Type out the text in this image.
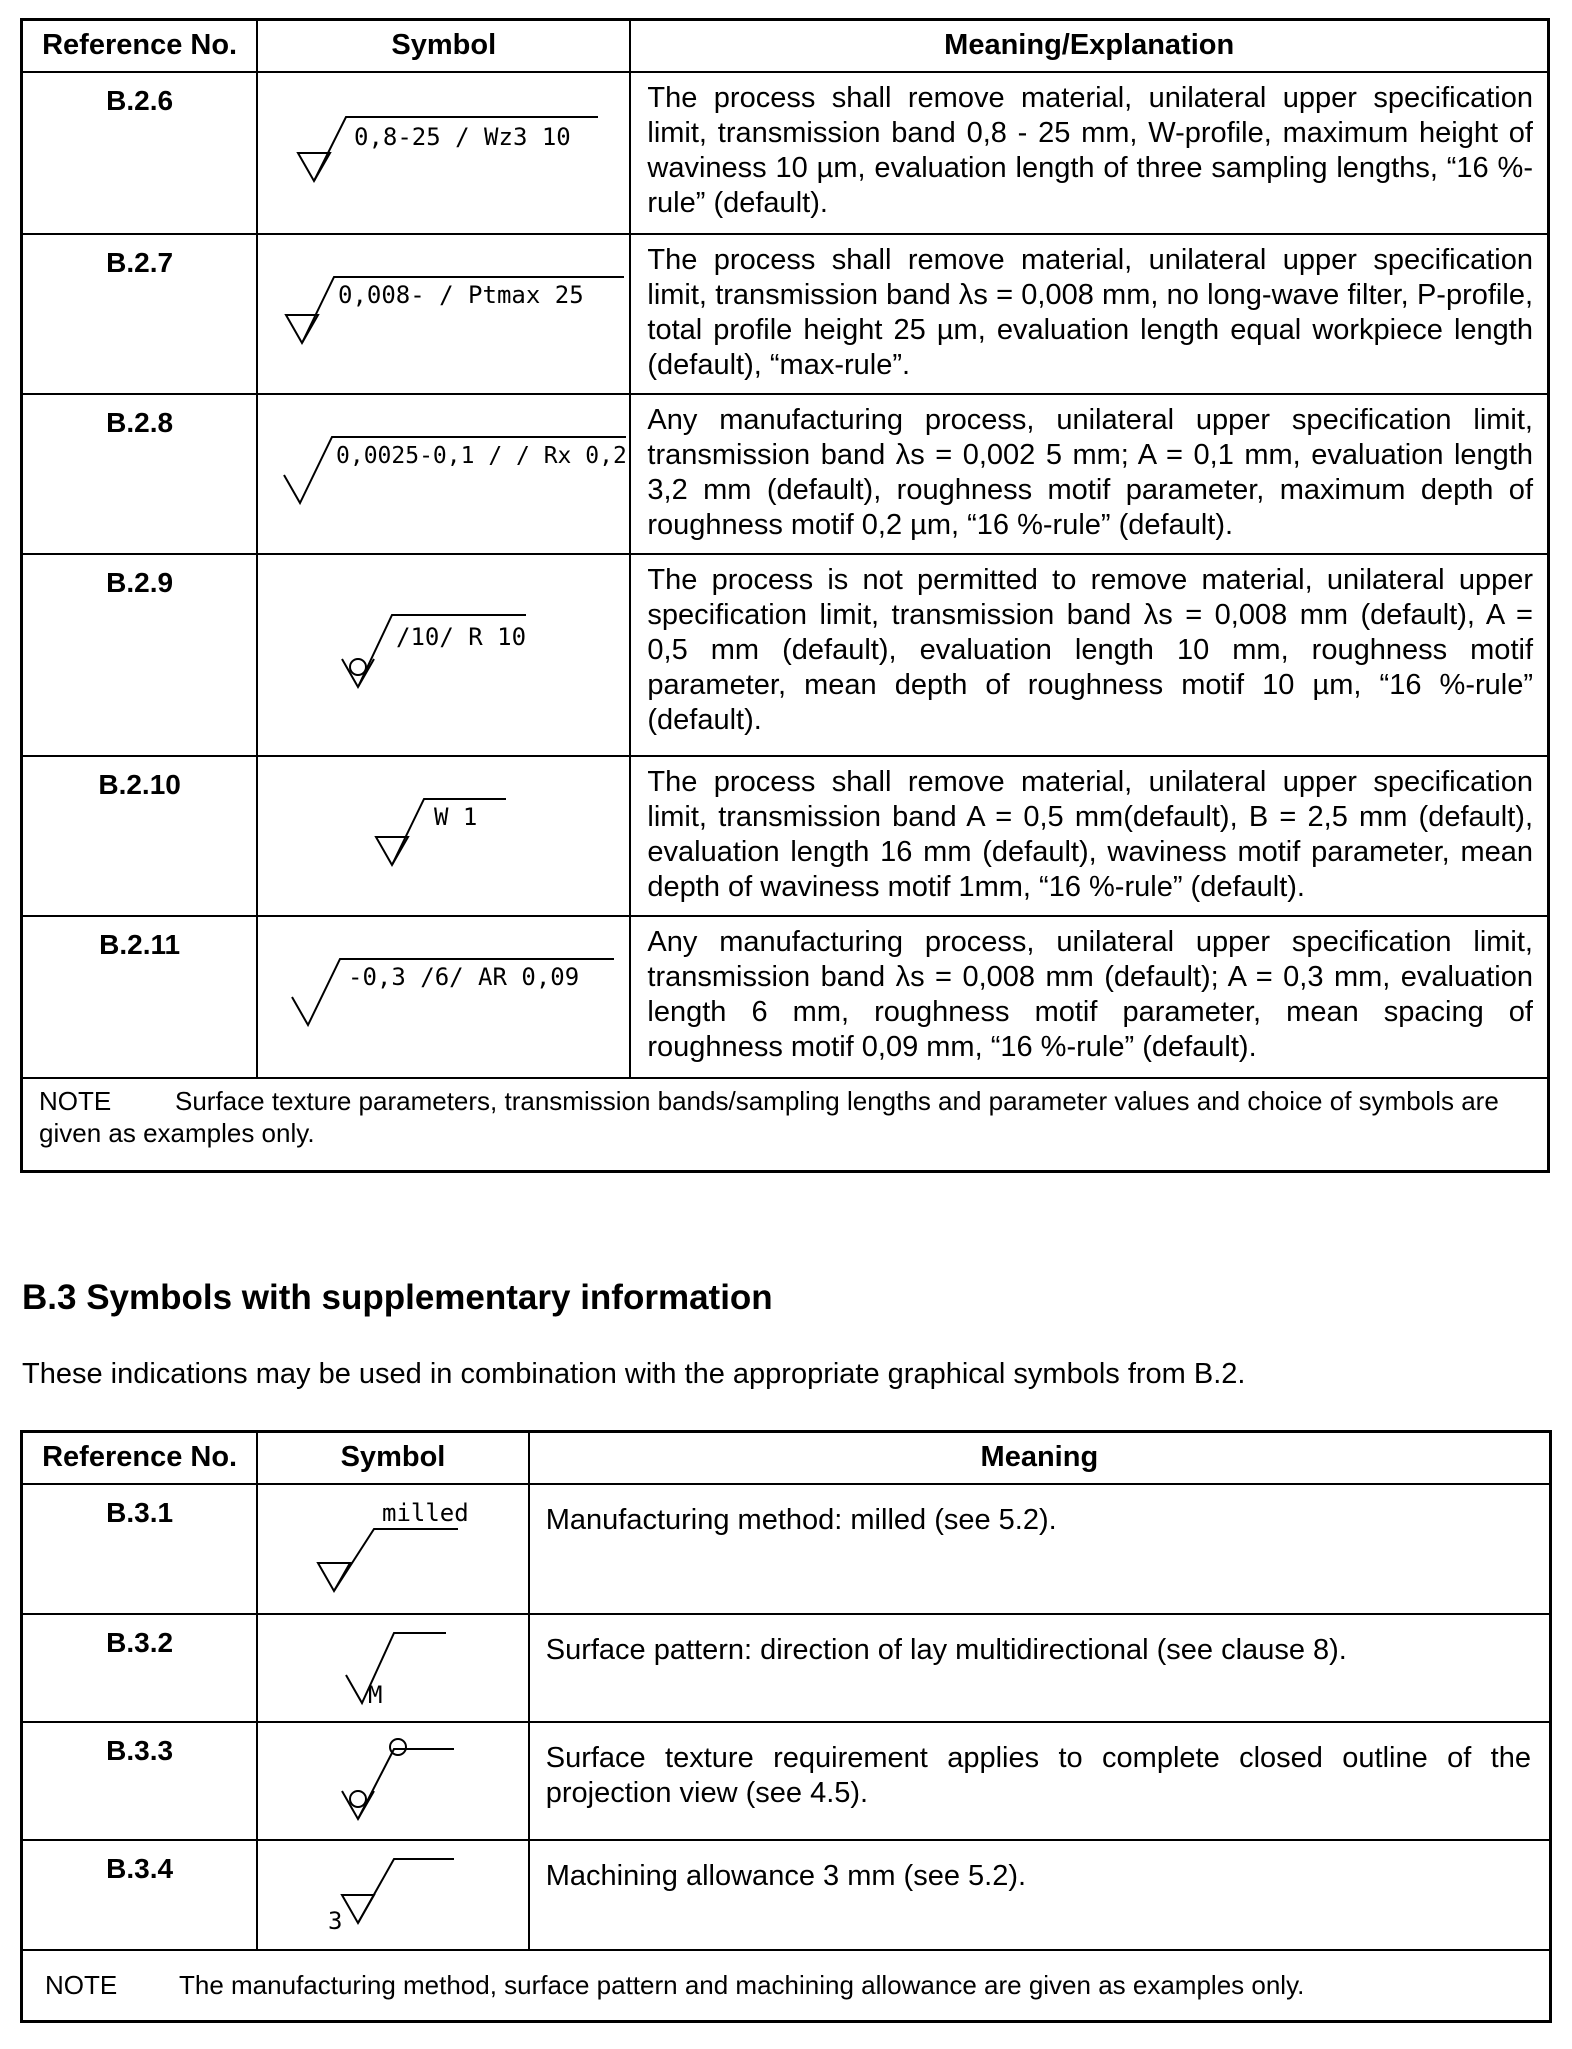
Reference No.	Symbol	Meaning/Explanation
B.2.6	0,8-25 / Wz3 10	The process shall remove material, unilateral upper specification limit, transmission band 0,8 - 25 mm, W-profile, maximum height of waviness 10 µm, evaluation length of three sampling lengths, “16 %-rule” (default).
B.2.7	0,008- / Ptmax 25	The process shall remove material, unilateral upper specification limit, transmission band λs = 0,008 mm, no long-wave filter, P-profile, total profile height 25 µm, evaluation length equal workpiece length (default), “max-rule”.
B.2.8	0,0025-0,1 / / Rx 0,2	Any manufacturing process, unilateral upper specification limit, transmission band λs = 0,002 5 mm; A = 0,1 mm, evaluation length 3,2 mm (default), roughness motif parameter, maximum depth of roughness motif 0,2 µm, “16 %-rule” (default).
B.2.9	/10/ R 10	The process is not permitted to remove material, unilateral upper specification limit, transmission band λs = 0,008 mm (default), A = 0,5 mm (default), evaluation length 10 mm, roughness motif parameter, mean depth of roughness motif 10 µm, “16 %-rule” (default).
B.2.10	W 1	The process shall remove material, unilateral upper specification limit, transmission band A = 0,5 mm(default), B = 2,5 mm (default), evaluation length 16 mm (default), waviness motif parameter, mean depth of waviness motif 1mm, “16 %-rule” (default).
B.2.11	-0,3 /6/ AR 0,09	Any manufacturing process, unilateral upper specification limit, transmission band λs = 0,008 mm (default); A = 0,3 mm, evaluation length 6 mm, roughness motif parameter, mean spacing of roughness motif 0,09 mm, “16 %-rule” (default).
NOTE Surface texture parameters, transmission bands/sampling lengths and parameter values and choice of symbols are given as examples only.		
B.3 Symbols with supplementary information

These indications may be used in combination with the appropriate graphical symbols from B.2.

Reference No.	Symbol	Meaning
B.3.1	milled	Manufacturing method: milled (see 5.2).
B.3.2	M	Surface pattern: direction of lay multidirectional (see clause 8).
B.3.3		Surface texture requirement applies to complete closed outline of the projection view (see 4.5).
B.3.4	3	Machining allowance 3 mm (see 5.2).
NOTE The manufacturing method, surface pattern and machining allowance are given as examples only.		
